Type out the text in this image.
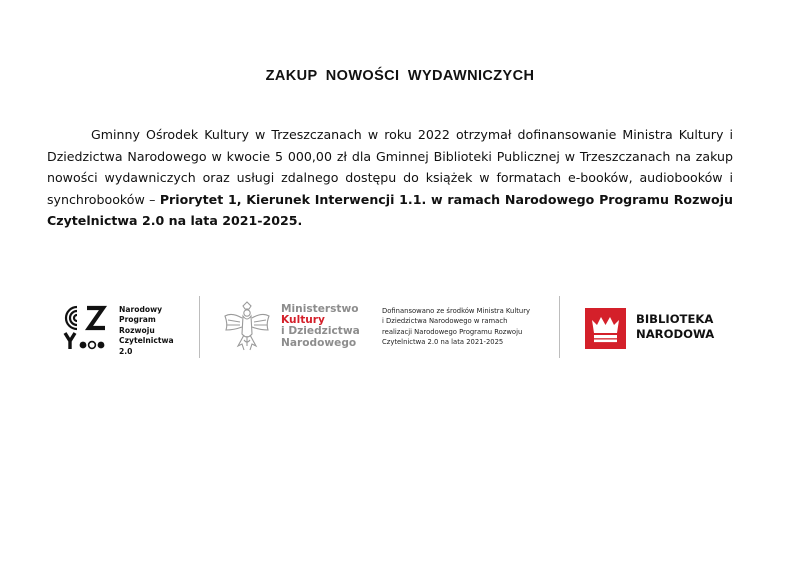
ZAKUP NOWOŚCI WYDAWNICZYCH

Gminny Ośrodek Kultury w Trzeszczanach w roku 2022 otrzymał dofinansowanie Ministra Kultury i Dziedzictwa Narodowego w kwocie 5 000,00 zł dla Gminnej Biblioteki Publicznej w Trzeszczanach na zakup nowości wydawniczych oraz usługi zdalnego dostępu do książek w formatach e-booków, audiobooków i synchrobooków – Priorytet 1, Kierunek Interwencji 1.1. w ramach Narodowego Programu Rozwoju Czytelnictwa 2.0 na lata 2021-2025.

Narodowy
Program
Rozwoju
Czytelnictwa
2.0
Ministerstwo
Kultury
i Dziedzictwa
Narodowego
Dofinansowano ze środków Ministra Kultury
i Dziedzictwa Narodowego w ramach
realizacji Narodowego Programu Rozwoju
Czytelnictwa 2.0 na lata 2021-2025
BIBLIOTEKA
NARODOWA
